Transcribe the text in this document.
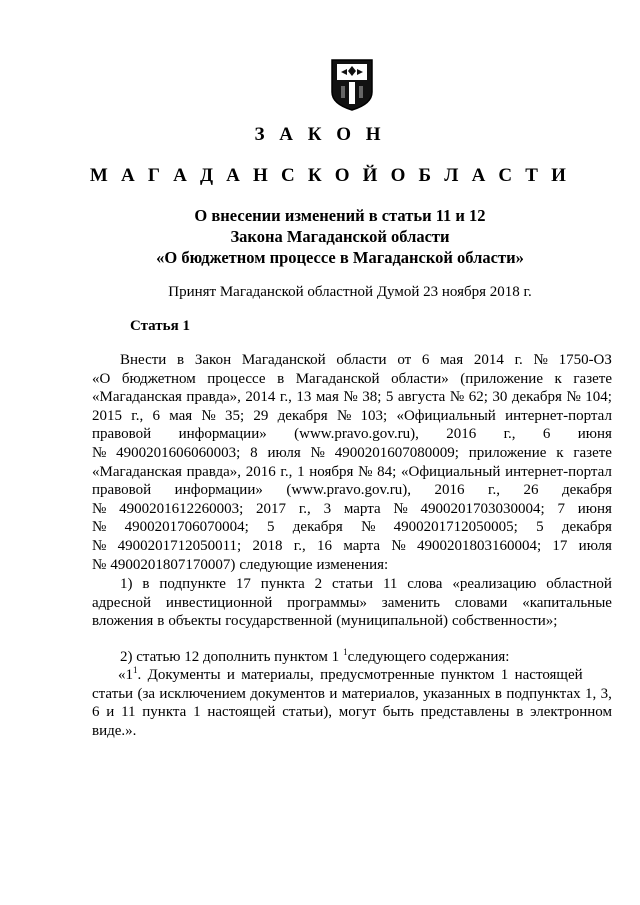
З А К О Н
М А Г А Д А Н С К О Й О Б Л А С Т И
О внесении изменений в статьи 11 и 12
Закона Магаданской области
«О бюджетном процессе в Магаданской области»
Принят Магаданской областной Думой 23 ноября 2018 г.
Статья 1
Внести в Закон Магаданской области от 6 мая 2014 г. № 1750-ОЗ
«О бюджетном процессе в Магаданской области» (приложение к газете
«Магаданская правда», 2014 г., 13 мая № 38; 5 августа № 62; 30 декабря № 104;
2015 г., 6 мая № 35; 29 декабря № 103; «Официальный интернет-портал
правовой информации» (www.pravo.gov.ru), 2016 г., 6 июня
№ 4900201606060003; 8 июля № 4900201607080009; приложение к газете
«Магаданская правда», 2016 г., 1 ноября № 84; «Официальный интернет-портал
правовой информации» (www.pravo.gov.ru), 2016 г., 26 декабря
№ 4900201612260003; 2017 г., 3 марта № 4900201703030004; 7 июня
№ 4900201706070004; 5 декабря № 4900201712050005; 5 декабря
№ 4900201712050011; 2018 г., 16 марта № 4900201803160004; 17 июля
№ 4900201807170007) следующие изменения:
1) в подпункте 17 пункта 2 статьи 11 слова «реализацию областной
адресной инвестиционной программы» заменить словами «капитальные
вложения в объекты государственной (муниципальной) собственности»;
2) статью 12 дополнить пунктом 1 $^1$следующего содержания:
«$1^1$. Документы и материалы, предусмотренные пунктом 1 настоящей
статьи (за исключением документов и материалов, указанных в подпунктах 1, 3,
6 и 11 пункта 1 настоящей статьи), могут быть представлены в электронном
виде.».
